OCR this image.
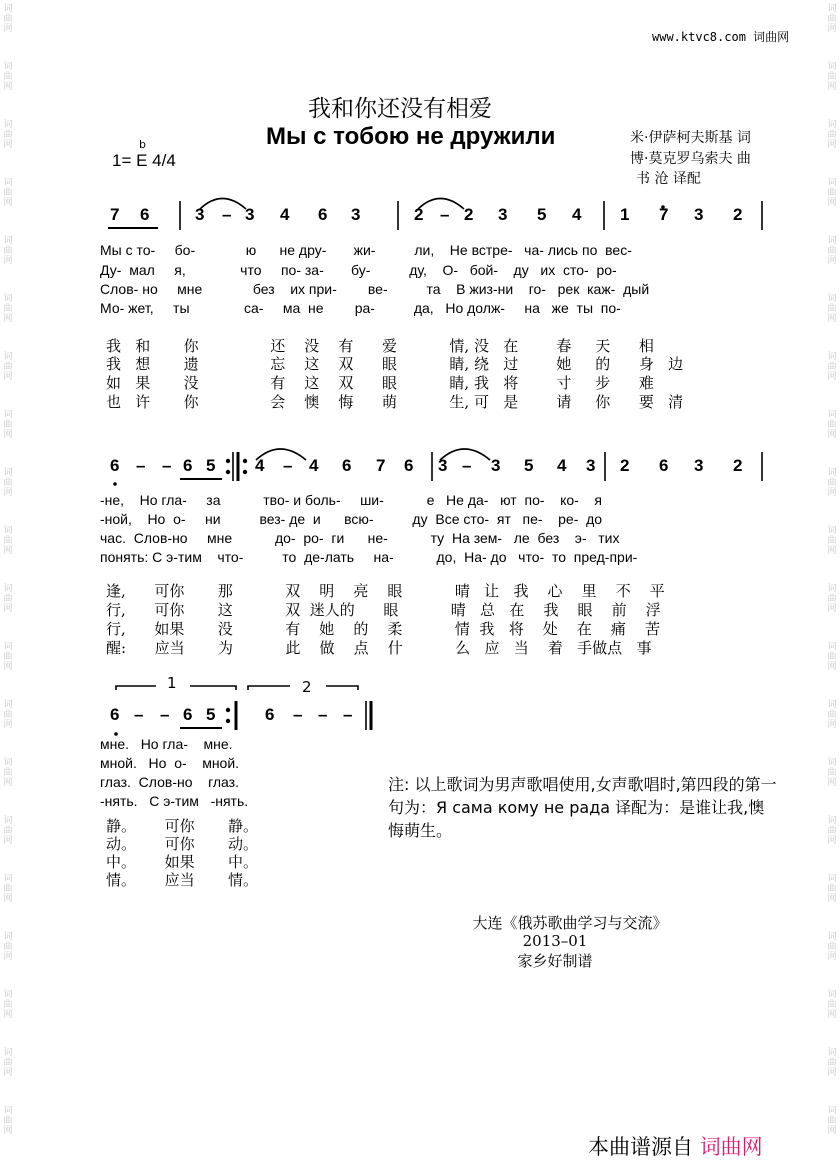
词曲网
词曲网
词曲网
词曲网
词曲网
词曲网
词曲网
词曲网
词曲网
词曲网
词曲网
词曲网
词曲网
词曲网
词曲网
词曲网
词曲网
词曲网
词曲网
词曲网
词曲网
词曲网
词曲网
词曲网
词曲网
词曲网
词曲网
词曲网
词曲网
词曲网
词曲网
词曲网
词曲网
词曲网
词曲网
词曲网
词曲网
词曲网
词曲网
词曲网
www.ktvc8.com 词曲网
我和你还没有相爱
Мы с тобою не дружили	米·伊萨柯夫斯基 词
博·莫克罗乌索夫 曲
书 沧 译配
b
1= E 4/4
7 6	3 – 3 4 6 3	2 – 2 3 5 4 1 7 3 2
6 – – 6 5 4 – 4 6 7 6 3 – 3 5 4 3 2 6 3 2
6 – – 6 5	6 – – –
1	2
Мы с то-     бо-             ю      не дру-       жи-          ли,    Не встре-   ча- лись по  вес-
Ду-  мал     я,              что     по- за-       бу-          ду,    О-   бой-    ду   их  сто-  ро-
Слов- но     мне             без    их при-        ве-          та    В жиз-ни    го-   рек  каж-  дый
Мо- жет,     ты              са-     ма  не        ра-          да,   Но долж-     на   же  ты  по-
我   和       你               还    没    有      爱           情, 没   在        春     天      相
我   想       遗               忘    这    双      眼           睛, 绕   过        她     的      身   边
如   果       没               有    这    双      眼           睛, 我   将        寸     步      难
也   许       你               会    懊    悔      萌           生, 可   是        请     你      要   清
-не,    Но гла-     за           тво- и боль-     ши-           е   Не да-   ют  по-    ко-    я
-ной,    Но  о-     ни          вез- де  и      всю-          ду  Все сто-  ят   пе-    ре-  до
час.  Слов-но     мне           до-  ро-  ги      не-           ту  На зем-   ле  без    э-   тих
понять: С э-тим    что-          то  де-лать     на-           до,  На- до   что-  то  пред-при-
逢,      可你       那           双    明    亮    眼           晴   让   我    心    里    不    平
行,      可你       这           双  迷人的      眼           晴   总   在    我    眼    前    浮
行,      如果       没           有    她    的    柔           情  我   将    处    在    痛    苦
醒:      应当       为           此    做    点    什           么   应   当    着   手做点   事
мне.   Но гла-    мне.
мной.   Но  о-    мной.
глаз.  Слов-но    глаз.
-нять.   С э-тим   -нять.
静。      可你       静。
动。      可你       动。
中。      如果       中。
情。      应当       情。
注: 以上歌词为男声歌唱使用,女声歌唱时,第四段的第一句为：Я сама кому не рада 译配为：是谁让我,懊悔萌生。
大连《俄苏歌曲学习与交流》
2013–01
家乡好制谱
本曲谱源自 词曲网
